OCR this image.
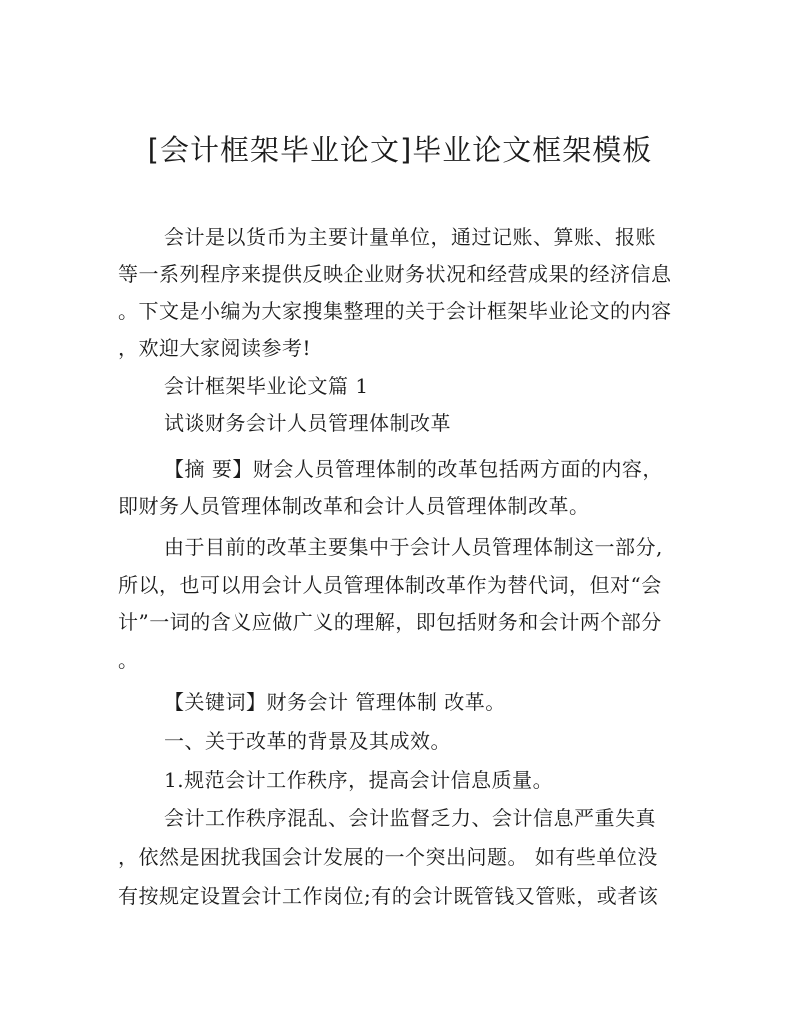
[会计框架毕业论文]毕业论文框架模板
会计是以货币为主要计量单位，通过记账、算账、报账
等一系列程序来提供反映企业财务状况和经营成果的经济信息
。下文是小编为大家搜集整理的关于会计框架毕业论文的内容
，欢迎大家阅读参考!
会计框架毕业论文篇 1
试谈财务会计人员管理体制改革
【摘 要】财会人员管理体制的改革包括两方面的内容，
即财务人员管理体制改革和会计人员管理体制改革。
由于目前的改革主要集中于会计人员管理体制这一部分,
所以，也可以用会计人员管理体制改革作为替代词，但对“会
计”一词的含义应做广义的理解，即包括财务和会计两个部分
。
【关键词】财务会计 管理体制 改革。
一、关于改革的背景及其成效。
1.规范会计工作秩序，提高会计信息质量。
会计工作秩序混乱、会计监督乏力、会计信息严重失真
，依然是困扰我国会计发展的一个突出问题。 如有些单位没
有按规定设置会计工作岗位;有的会计既管钱又管账，或者该
